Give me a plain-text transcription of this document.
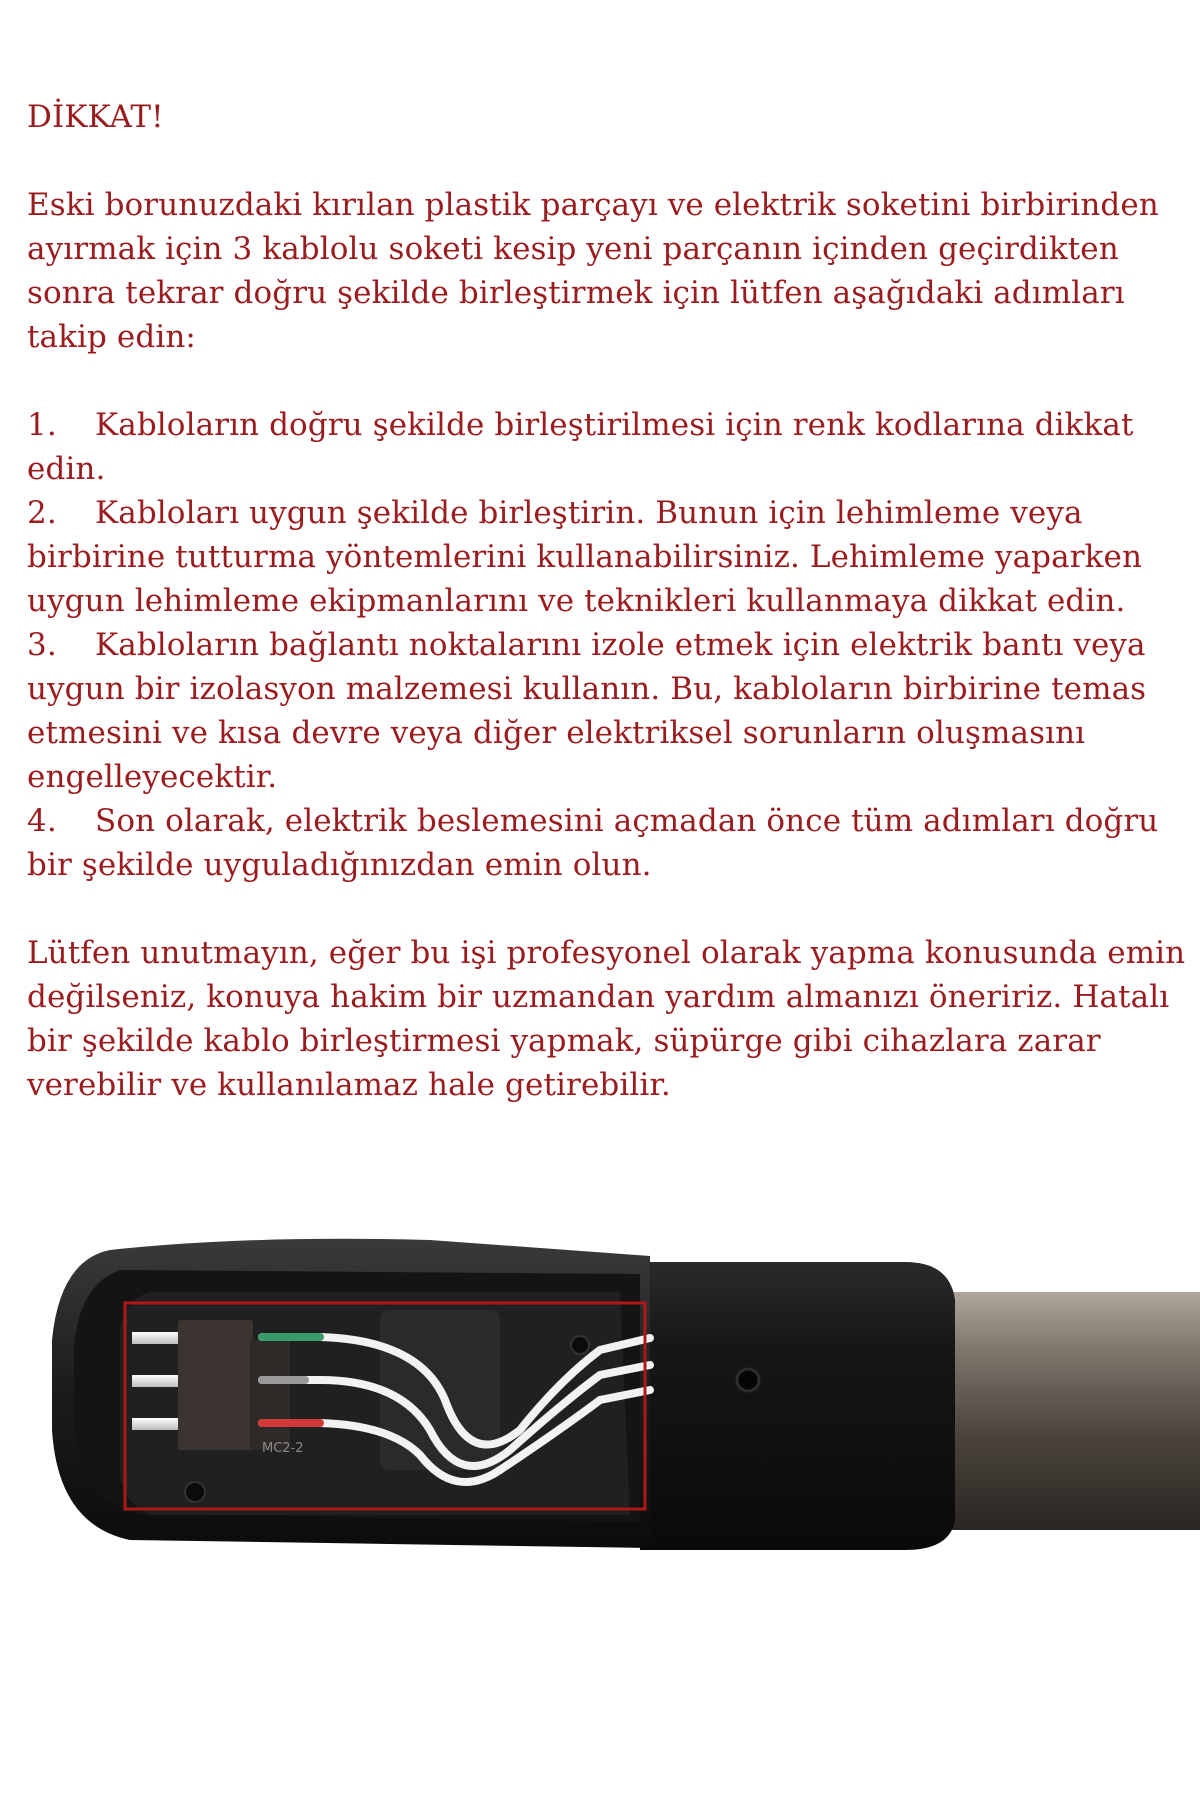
DİKKAT!

Eski borunuzdaki kırılan plastik parçayı ve elektrik soketini birbirinden ayırmak için 3 kablolu soketi kesip yeni parçanın içinden geçirdikten sonra tekrar doğru şekilde birleştirmek için lütfen aşağıdaki adımları takip edin:

1. Kabloların doğru şekilde birleştirilmesi için renk kodlarına dikkat edin.

2. Kabloları uygun şekilde birleştirin. Bunun için lehimleme veya birbirine tutturma yöntemlerini kullanabilirsiniz. Lehimleme yaparken uygun lehimleme ekipmanlarını ve teknikleri kullanmaya dikkat edin.

3. Kabloların bağlantı noktalarını izole etmek için elektrik bantı veya uygun bir izolasyon malzemesi kullanın. Bu, kabloların birbirine temas etmesini ve kısa devre veya diğer elektriksel sorunların oluşmasını engelleyecektir.

4. Son olarak, elektrik beslemesini açmadan önce tüm adımları doğru bir şekilde uyguladığınızdan emin olun.

Lütfen unutmayın, eğer bu işi profesyonel olarak yapma konusunda emin değilseniz, konuya hakim bir uzmandan yardım almanızı öneririz. Hatalı bir şekilde kablo birleştirmesi yapmak, süpürge gibi cihazlara zarar verebilir ve kullanılamaz hale getirebilir.

MC2-2
